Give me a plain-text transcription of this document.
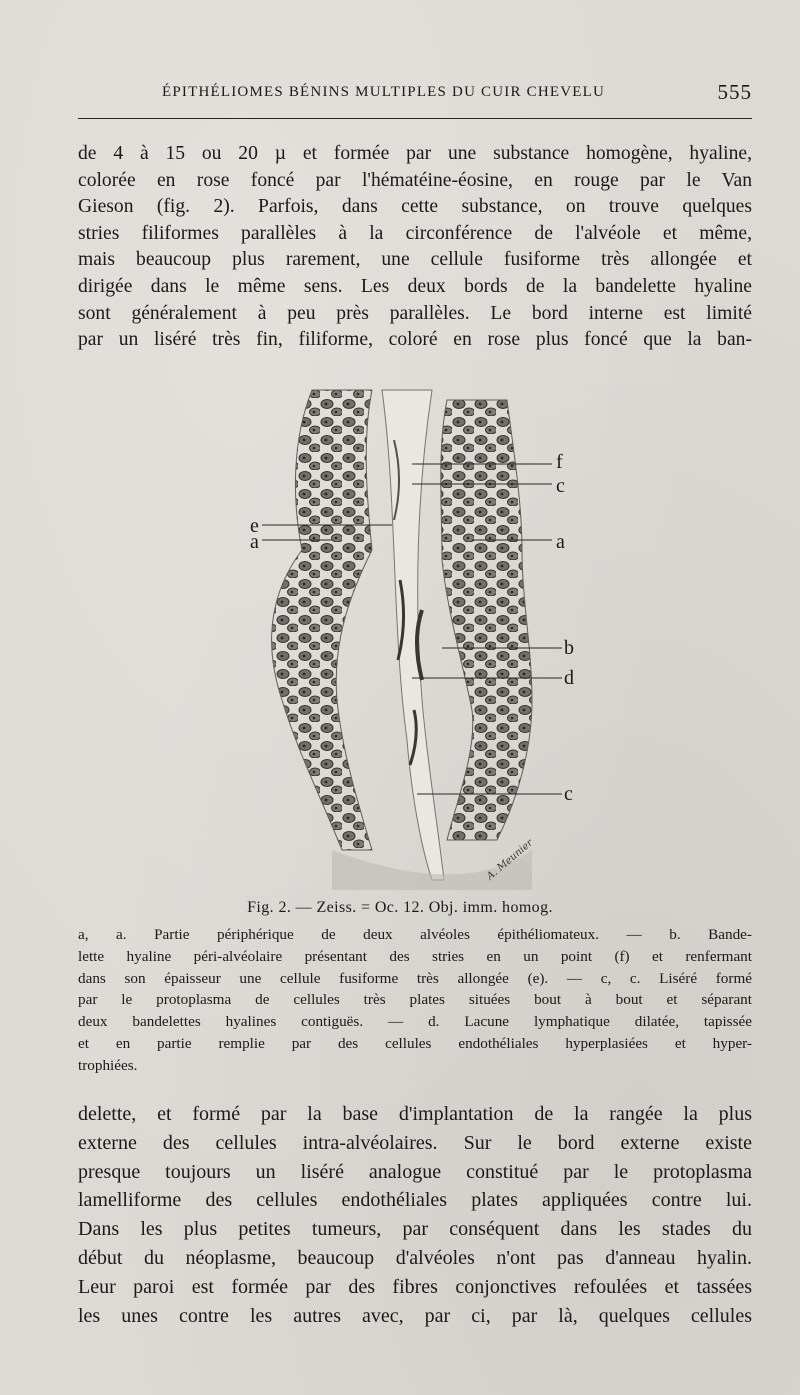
ÉPITHÉLIOMES BÉNINS MULTIPLES DU CUIR CHEVELU	555
de 4 à 15 ou 20 µ et formée par une substance homogène, hyaline,
colorée en rose foncé par l'hématéine-éosine, en rouge par le Van
Gieson (fig. 2). Parfois, dans cette substance, on trouve quelques
stries filiformes parallèles à la circonférence de l'alvéole et même,
mais beaucoup plus rarement, une cellule fusiforme très allongée et
dirigée dans le même sens. Les deux bords de la bandelette hyaline
sont généralement à peu près parallèles. Le bord interne est limité
par un liséré très fin, filiforme, coloré en rose plus foncé que la ban-
f
c
e
a	a
b
d
c
A. Meunier
Fig. 2. — Zeiss. = Oc. 12. Obj. imm. homog.
a, a. Partie périphérique de deux alvéoles épithéliomateux. — b. Bande-
lette hyaline péri-alvéolaire présentant des stries en un point (f) et renfermant
dans son épaisseur une cellule fusiforme très allongée (e). — c, c. Liséré formé
par le protoplasma de cellules très plates situées bout à bout et séparant
deux bandelettes hyalines contiguës. — d. Lacune lymphatique dilatée, tapissée
et en partie remplie par des cellules endothéliales hyperplasiées et hyper-
trophiées.
delette, et formé par la base d'implantation de la rangée la plus
externe des cellules intra-alvéolaires. Sur le bord externe existe
presque toujours un liséré analogue constitué par le protoplasma
lamelliforme des cellules endothéliales plates appliquées contre lui.
Dans les plus petites tumeurs, par conséquent dans les stades du
début du néoplasme, beaucoup d'alvéoles n'ont pas d'anneau hyalin.
Leur paroi est formée par des fibres conjonctives refoulées et tassées
les unes contre les autres avec, par ci, par là, quelques cellules
